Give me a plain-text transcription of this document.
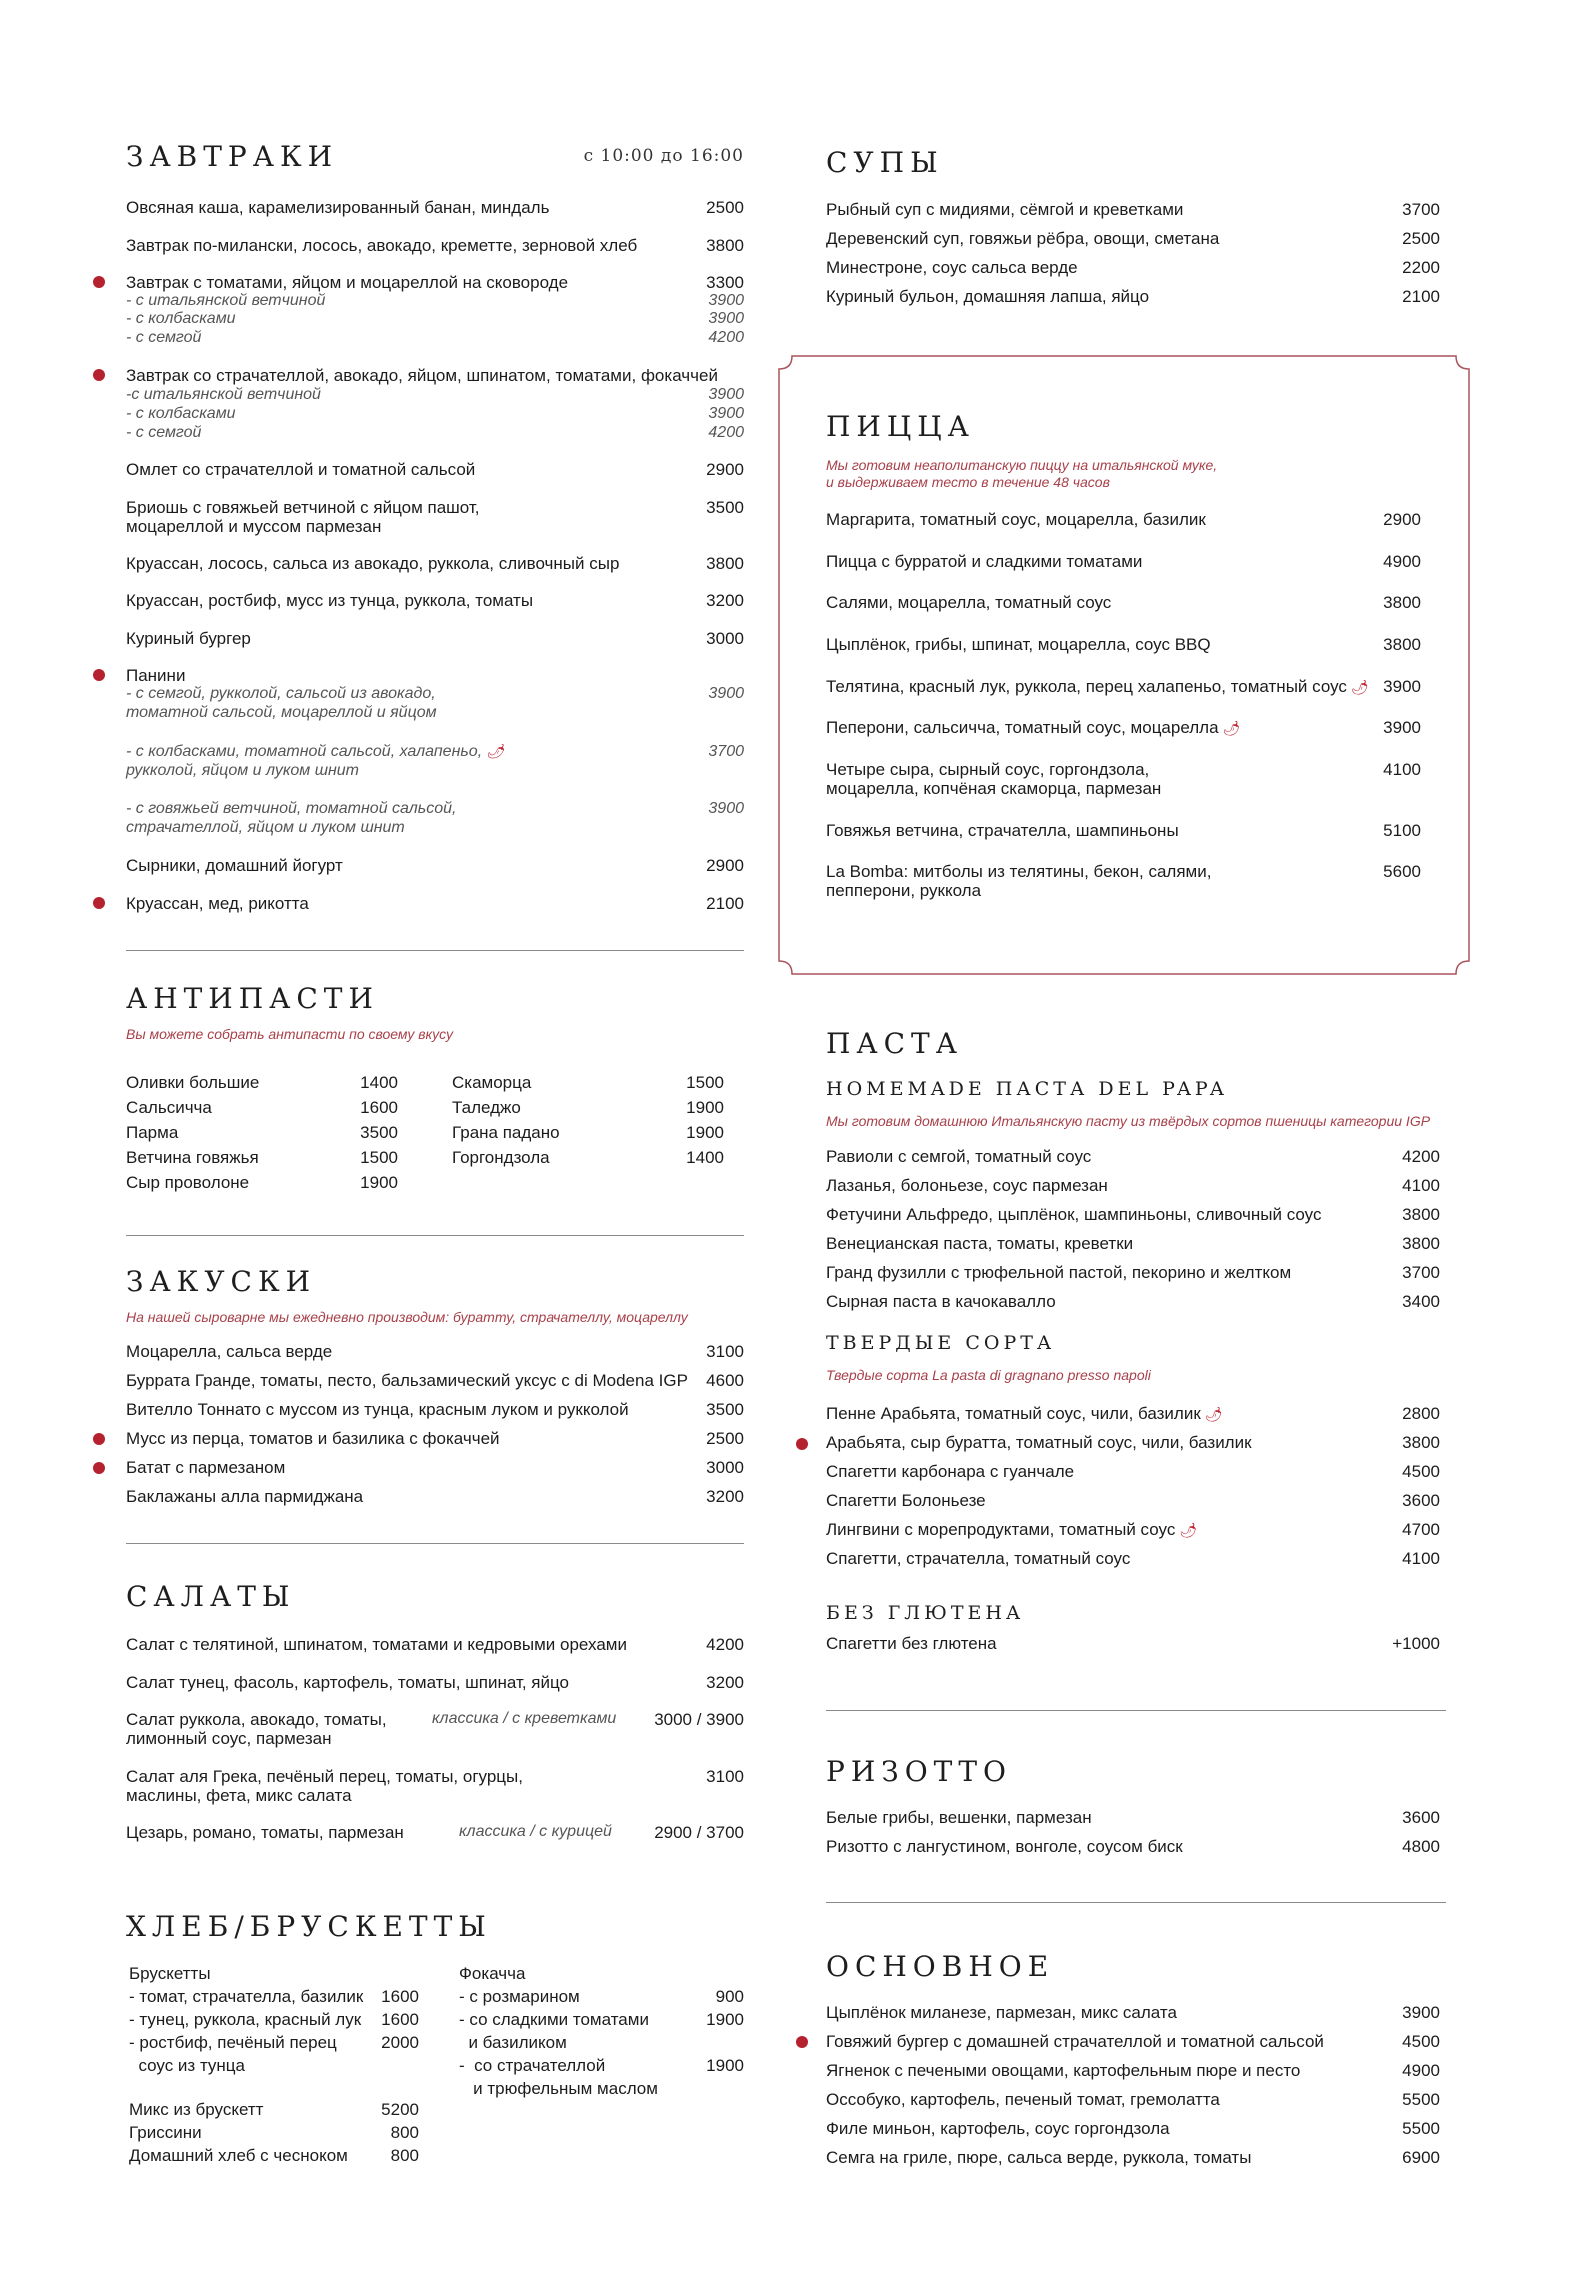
ЗАВТРАКИ	с 10:00 до 16:00
Овсяная каша, карамелизированный банан, миндаль	2500
Завтрак по-милански, лосось, авокадо, креметте, зерновой хлеб	3800
Завтрак с томатами, яйцом и моцареллой на сковороде	3300
- с итальянской ветчиной	3900
- с колбасками	3900
- с семгой	4200
Завтрак со страчателлой, авокадо, яйцом, шпинатом, томатами, фокаччей
-с итальянской ветчиной	3900
- с колбасками	3900
- с семгой	4200
Омлет со страчателлой и томатной сальсой	2900
Бриошь с говяжьей ветчиной с яйцом пашот,	3500
моцареллой и муссом пармезан
Круассан, лосось, сальса из авокадо, руккола, сливочный сыр	3800
Круассан, ростбиф, мусс из тунца, руккола, томаты	3200
Куриный бургер	3000
Панини
- с семгой, рукколой, сальсой из авокадо,	3900
томатной сальсой, моцареллой и яйцом
- с колбасками, томатной сальсой, халапеньо, 🌶	3700
рукколой, яйцом и луком шнит
- с говяжьей ветчиной, томатной сальсой,	3900
страчателлой, яйцом и луком шнит
Сырники, домашний йогурт	2900
Круассан, мед, рикотта	2100
АНТИПАСТИ
Вы можете собрать антипасти по своему вкусу
Оливки большие	1400
Сальсичча	1600
Парма	3500
Ветчина говяжья	1500
Сыр проволоне	1900
Скаморца	1500
Таледжо	1900
Грана падано	1900
Горгондзола	1400
ЗАКУСКИ
На нашей сыроварне мы ежедневно производим: буратту, страчателлу, моцареллу
Моцарелла, сальса верде	3100
Буррата Гранде, томаты, песто, бальзамический уксус с di Modena IGP 4600
Вителло Тоннато с муссом из тунца, красным луком и рукколой	3500
Мусс из перца, томатов и базилика с фокаччей	2500
Батат с пармезаном	3000
Баклажаны алла пармиджана	3200
САЛАТЫ
Салат с телятиной, шпинатом, томатами и кедровыми орехами	4200
Салат тунец, фасоль, картофель, томаты, шпинат, яйцо	3200
Салат руккола, авокадо, томаты,	3000 / 3900
классика / с креветками
лимонный соус, пармезан
Салат аля Грека, печёный перец, томаты, огурцы,	3100
маслины, фета, микс салата
Цезарь, романо, томаты, пармезан	2900 / 3700
классика / с курицей
ХЛЕБ/БРУСКЕТТЫ
Брускетты
- томат, страчателла, базилик 1600
- тунец, руккола, красный лук 1600
- ростбиф, печёный перец	2000
соус из тунца
Микс из брускетт	5200
Гриссини	800
Домашний хлеб с чесноком	800
Фокачча
- с розмарином	900
- со сладкими томатами	1900
и базиликом
-  со страчателлой	1900
и трюфельным маслом
СУПЫ
Рыбный суп с мидиями, сёмгой и креветками	3700
Деревенский суп, говяжьи рёбра, овощи, сметана	2500
Минестроне, соус сальса верде	2200
Куриный бульон, домашняя лапша, яйцо	2100
ПИЦЦА
Мы готовим неаполитанскую пиццу на итальянской муке,
и выдерживаем тесто в течение 48 часов
Маргарита, томатный соус, моцарелла, базилик	2900
Пицца с бурратой и сладкими томатами	4900
Салями, моцарелла, томатный соус	3800
Цыплёнок, грибы, шпинат, моцарелла, соус BBQ	3800
Телятина, красный лук, руккола, перец халапеньо, томатный соус 🌶 3900
Пеперони, сальсичча, томатный соус, моцарелла 🌶	3900
Четыре сыра, сырный соус, горгондзола,	4100
моцарелла, копчёная скаморца, пармезан
Говяжья ветчина, страчателла, шампиньоны	5100
La Bomba: митболы из телятины, бекон, салями,	5600
пепперони, руккола
ПАСТА
HOMEMADE ПАСТА DEL PAPA
Мы готовим домашнюю Итальянскую пасту из твёрдых сортов пшеницы категории IGP
Равиоли с семгой, томатный соус	4200
Лазанья, болоньезе, соус пармезан	4100
Фетучини Альфредо, цыплёнок, шампиньоны, сливочный соус	3800
Венецианская паста, томаты, креветки	3800
Гранд фузилли с трюфельной пастой, пекорино и желтком	3700
Сырная паста в качокавалло	3400
ТВЕРДЫЕ СОРТА
Твердые сорта La pasta di gragnano presso napoli
Пенне Арабьята, томатный соус, чили, базилик 🌶	2800
Арабьята, сыр буратта, томатный соус, чили, базилик	3800
Спагетти карбонара с гуанчале	4500
Спагетти Болоньезе	3600
Лингвини с морепродуктами, томатный соус 🌶	4700
Спагетти, страчателла, томатный соус	4100
БЕЗ ГЛЮТЕНА
Спагетти без глютена	+1000
РИЗОТТО
Белые грибы, вешенки, пармезан	3600
Ризотто с лангустином, вонголе, соусом биск	4800
ОСНОВНОЕ
Цыплёнок миланезе, пармезан, микс салата	3900
Говяжий бургер с домашней страчателлой и томатной сальсой	4500
Ягненок с печеными овощами, картофельным пюре и песто	4900
Оссобуко, картофель, печеный томат, гремолатта	5500
Филе миньон, картофель, соус горгондзола	5500
Семга на гриле, пюре, сальса верде, руккола, томаты	6900
